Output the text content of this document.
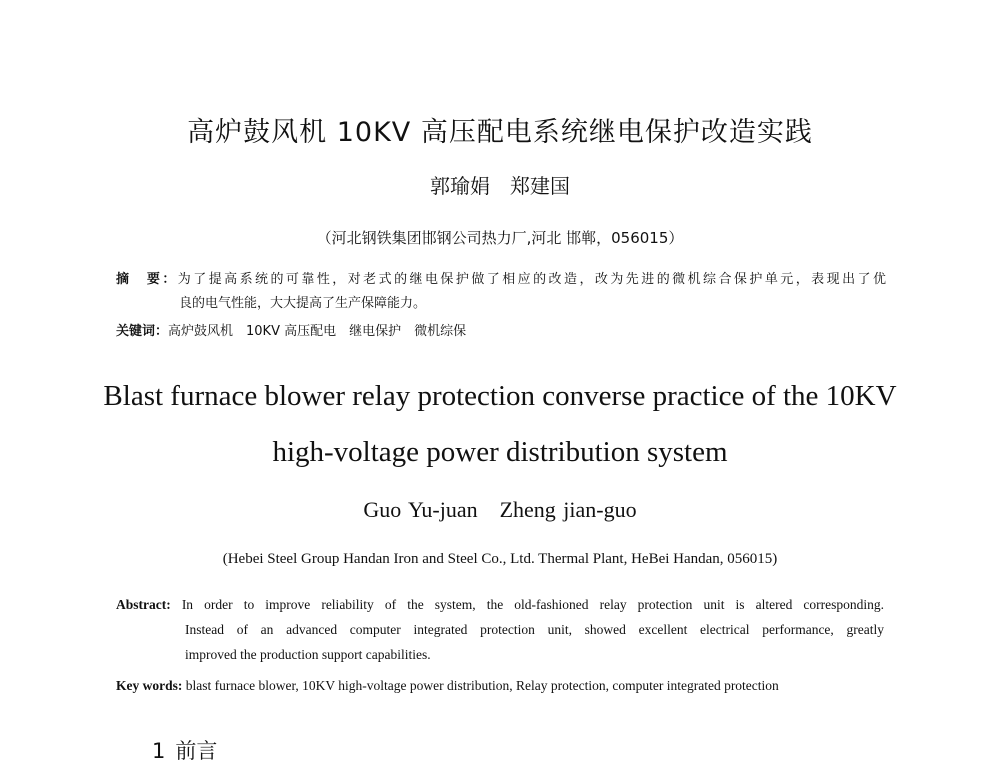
高炉鼓风机 10KV 高压配电系统继电保护改造实践
郭瑜娟　郑建国
（河北钢铁集团邯钢公司热力厂,河北 邯郸，056015）
摘　要：为了提高系统的可靠性，对老式的继电保护做了相应的改造，改为先进的微机综合保护单元，表现出了优
良的电气性能，大大提高了生产保障能力。
关键词：高炉鼓风机　10KV 高压配电　继电保护　微机综保
Blast furnace blower relay protection converse practice of the 10KV
high-voltage power distribution system
Guo Yu-juan　Zheng jian-guo
(Hebei Steel Group Handan Iron and Steel Co., Ltd. Thermal Plant, HeBei Handan, 056015)
Abstract: In order to improve reliability of the system, the old-fashioned relay protection unit is altered corresponding.
Instead of an advanced computer integrated protection unit, showed excellent electrical performance, greatly
improved the production support capabilities.
Key words: blast furnace blower, 10KV high-voltage power distribution, Relay protection, computer integrated protection
1 前言
